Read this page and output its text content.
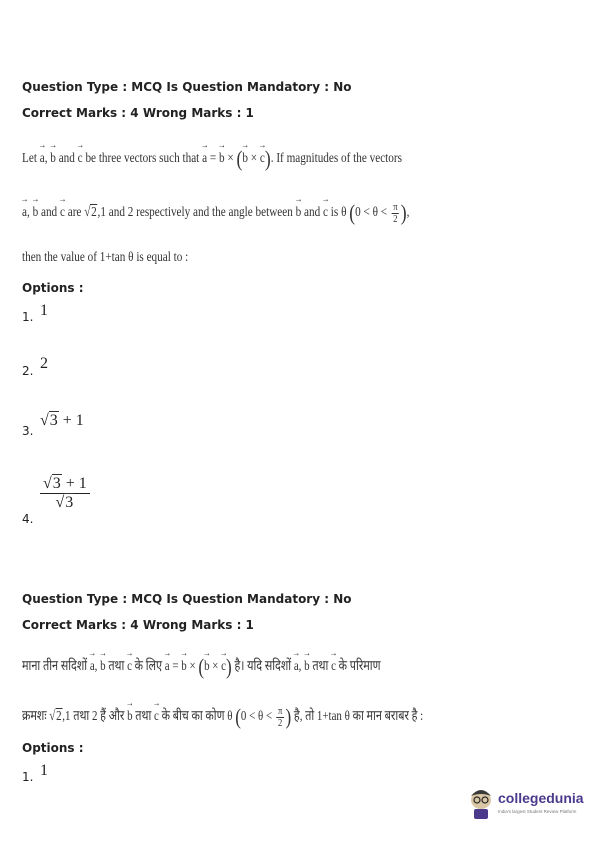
Question Type : MCQ Is Question Mandatory : No
Correct Marks : 4 Wrong Marks : 1
Let → a, → b and → c be three vectors such that → a = → b × (→ b × → c). If magnitudes of the vectors
→ a, → b and → c are √2,1 and 2 respectively and the angle between → b and → c is θ ($0 < \theta < \frac{\pi}{2}$ ),
then the value of 1+tan θ is equal to :
Options :
1. 1
2. 2
3.
√3 + 1
4.
√3 + 1
√3
Question Type : MCQ Is Question Mandatory : No
Correct Marks : 4 Wrong Marks : 1
माना तीन सदिशों → a, → b तथा → c के लिए → a = → b × (→ b × → c) है। यदि सदिशों → a, → b तथा → c के परिमाण
क्रमशः √2,1 तथा 2 हैं और → b तथा → c के बीच का कोण θ ($0 < \theta < \frac{\pi}{2}$ ) है, तो 1+tan θ का मान बराबर है :
Options :
1. 1
collegedunia
India's largest Student Review Platform
